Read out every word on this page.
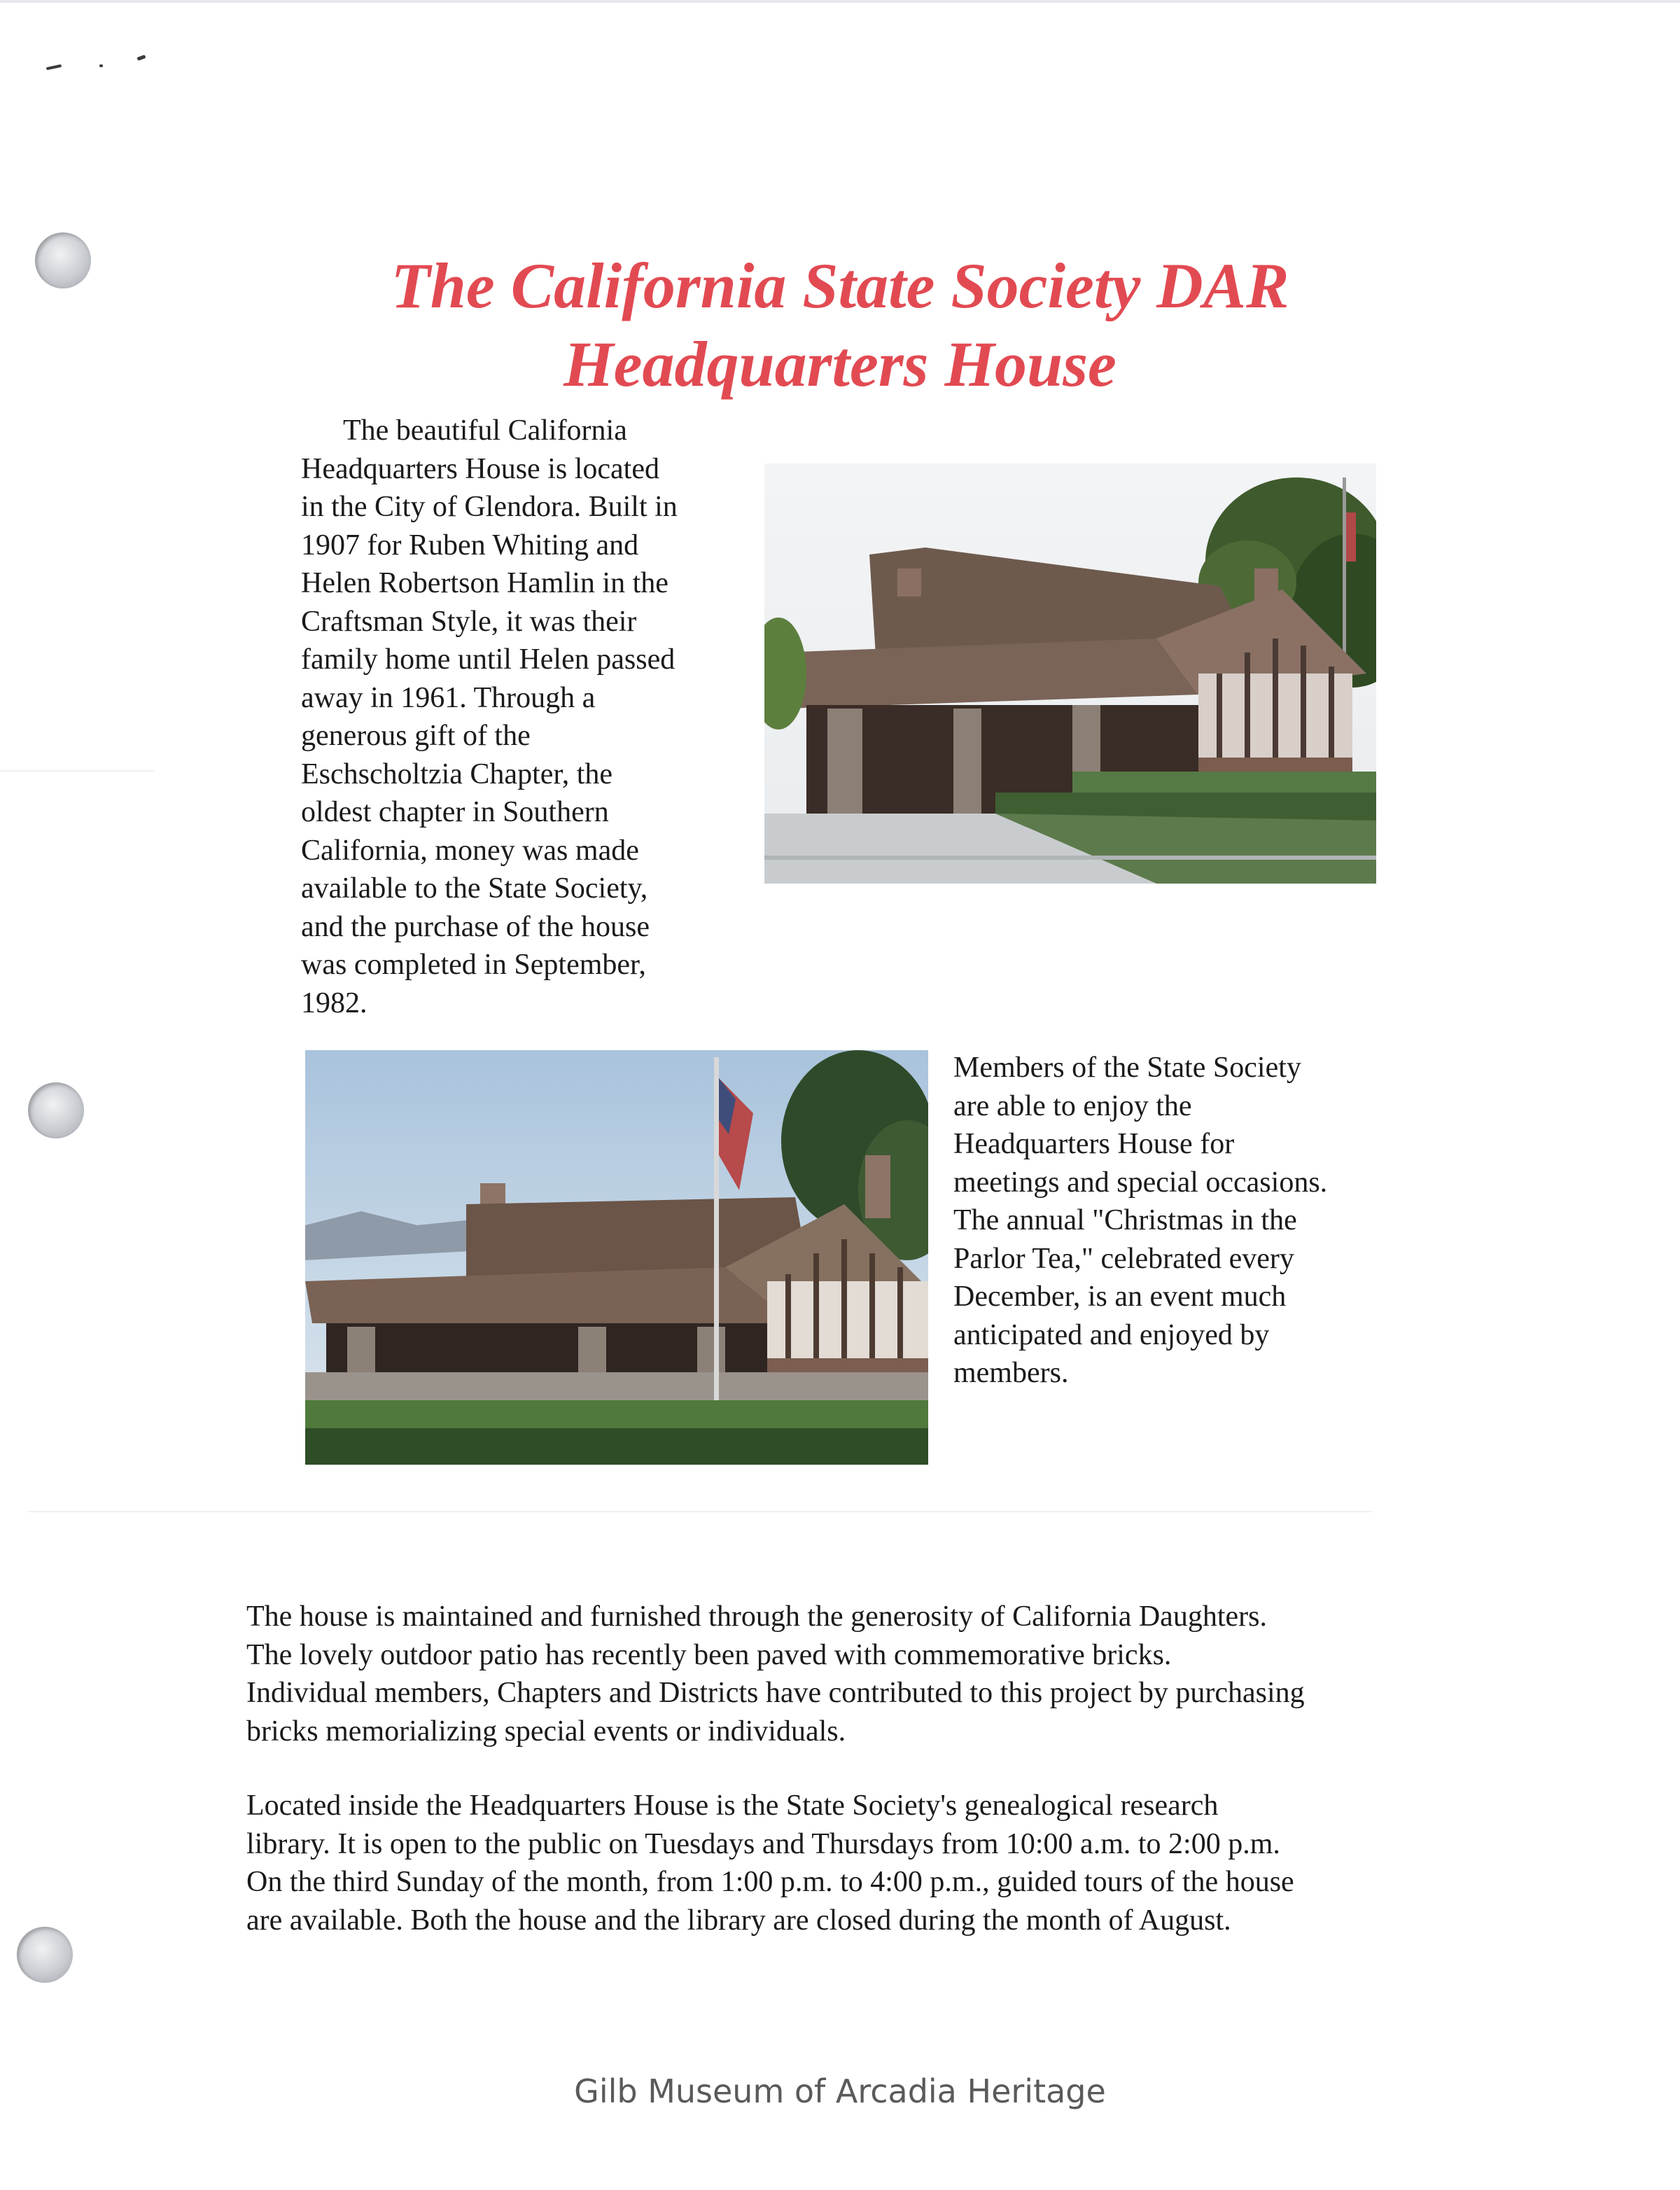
The California State Society DAR
Headquarters House
The beautiful California
Headquarters House is located
in the City of Glendora. Built in
1907 for Ruben Whiting and
Helen Robertson Hamlin in the
Craftsman Style, it was their
family home until Helen passed
away in 1961. Through a
generous gift of the
Eschscholtzia Chapter, the
oldest chapter in Southern
California, money was made
available to the State Society,
and the purchase of the house
was completed in September,
1982.
Members of the State Society
are able to enjoy the
Headquarters House for
meetings and special occasions.
The annual "Christmas in the
Parlor Tea," celebrated every
December, is an event much
anticipated and enjoyed by
members.
The house is maintained and furnished through the generosity of California Daughters.
The lovely outdoor patio has recently been paved with commemorative bricks.
Individual members, Chapters and Districts have contributed to this project by purchasing
bricks memorializing special events or individuals.
Located inside the Headquarters House is the State Society's genealogical research
library. It is open to the public on Tuesdays and Thursdays from 10:00 a.m. to 2:00 p.m.
On the third Sunday of the month, from 1:00 p.m. to 4:00 p.m., guided tours of the house
are available. Both the house and the library are closed during the month of August.
Gilb Museum of Arcadia Heritage
